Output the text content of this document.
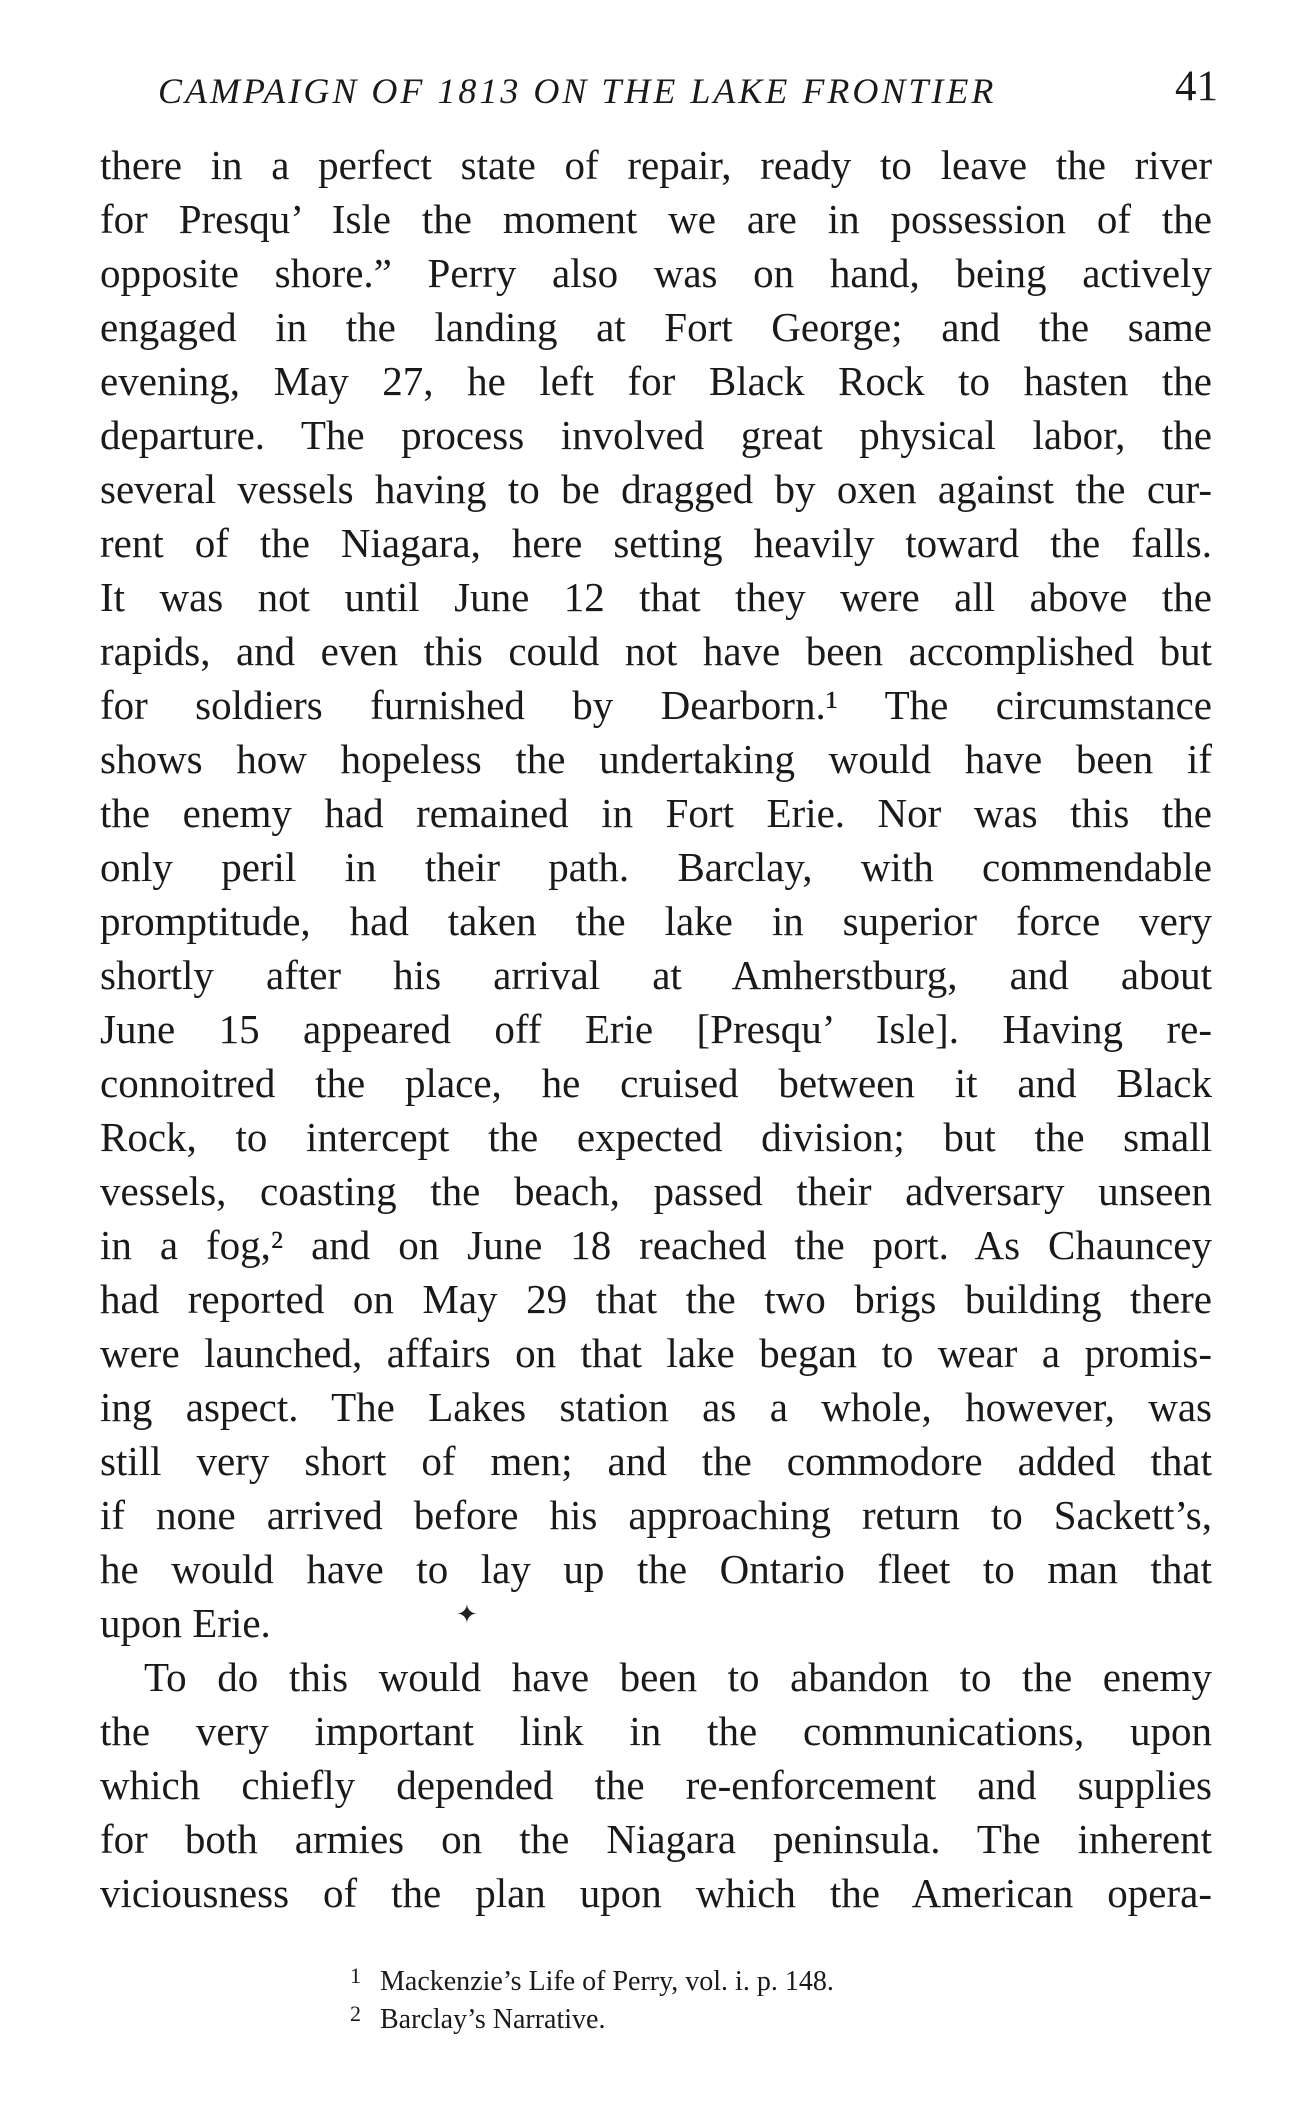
CAMPAIGN OF 1813 ON THE LAKE FRONTIER	41
there in a perfect state of repair, ready to leave the river
for Presqu’ Isle the moment we are in possession of the
opposite shore.” Perry also was on hand, being actively
engaged in the landing at Fort George; and the same
evening, May 27, he left for Black Rock to hasten the
departure. The process involved great physical labor, the
several vessels having to be dragged by oxen against the cur-
rent of the Niagara, here setting heavily toward the falls.
It was not until June 12 that they were all above the
rapids, and even this could not have been accomplished but
for soldiers furnished by Dearborn.¹ The circumstance
shows how hopeless the undertaking would have been if
the enemy had remained in Fort Erie. Nor was this the
only peril in their path. Barclay, with commendable
promptitude, had taken the lake in superior force very
shortly after his arrival at Amherstburg, and about
June 15 appeared off Erie [Presqu’ Isle]. Having re-
connoitred the place, he cruised between it and Black
Rock, to intercept the expected division; but the small
vessels, coasting the beach, passed their adversary unseen
in a fog,² and on June 18 reached the port. As Chauncey
had reported on May 29 that the two brigs building there
were launched, affairs on that lake began to wear a promis-
ing aspect. The Lakes station as a whole, however, was
still very short of men; and the commodore added that
if none arrived before his approaching return to Sackett’s,
he would have to lay up the Ontario fleet to man that
upon Erie.
To do this would have been to abandon to the enemy
the very important link in the communications, upon
which chiefly depended the re-enforcement and supplies
for both armies on the Niagara peninsula. The inherent
viciousness of the plan upon which the American opera-
✦
1 Mackenzie’s Life of Perry, vol. i. p. 148.
2 Barclay’s Narrative.
